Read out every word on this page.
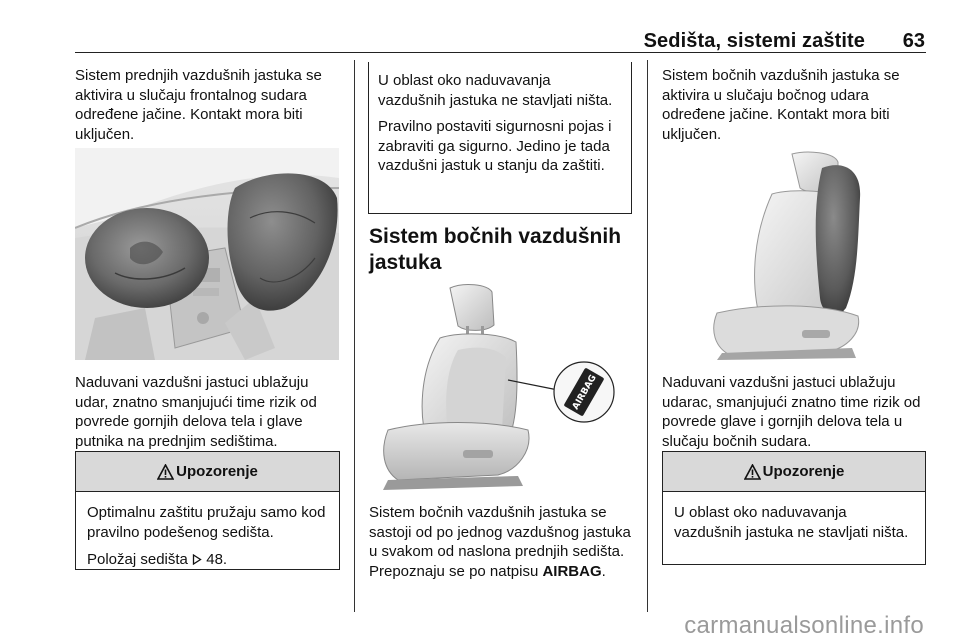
Sedišta, sistemi zaštite	63

Sistem prednjih vazdušnih jastuka se aktivira u slučaju frontalnog sudara određene jačine. Kontakt mora biti uključen.

Naduvani vazdušni jastuci ublažuju udar, znatno smanjujući time rizik od povrede gornjih delova tela i glave putnika na prednjim sedištima.

Upozorenje

Optimalnu zaštitu pružaju samo kod pravilno podešenog sedišta.

Položaj sedišta 48.

U oblast oko naduvavanja vazdušnih jastuka ne stavljati ništa.

Pravilno postaviti sigurnosni pojas i zabraviti ga sigurno. Jedino je tada vazdušni jastuk u stanju da zaštiti.

Sistem bočnih vazdušnih jastuka
AIRBAG

Sistem bočnih vazdušnih jastuka se sastoji od po jednog vazdušnog jastuka u svakom od naslona prednjih sedišta. Prepoznaju se po natpisu AIRBAG.

Sistem bočnih vazdušnih jastuka se aktivira u slučaju bočnog udara određene jačine. Kontakt mora biti uključen.

Naduvani vazdušni jastuci ublažuju udarac, smanjujući znatno time rizik od povrede glave i gornjih delova tela u slučaju bočnih sudara.

Upozorenje

U oblast oko naduvavanja vazdušnih jastuka ne stavljati ništa.

carmanualsonline.info
